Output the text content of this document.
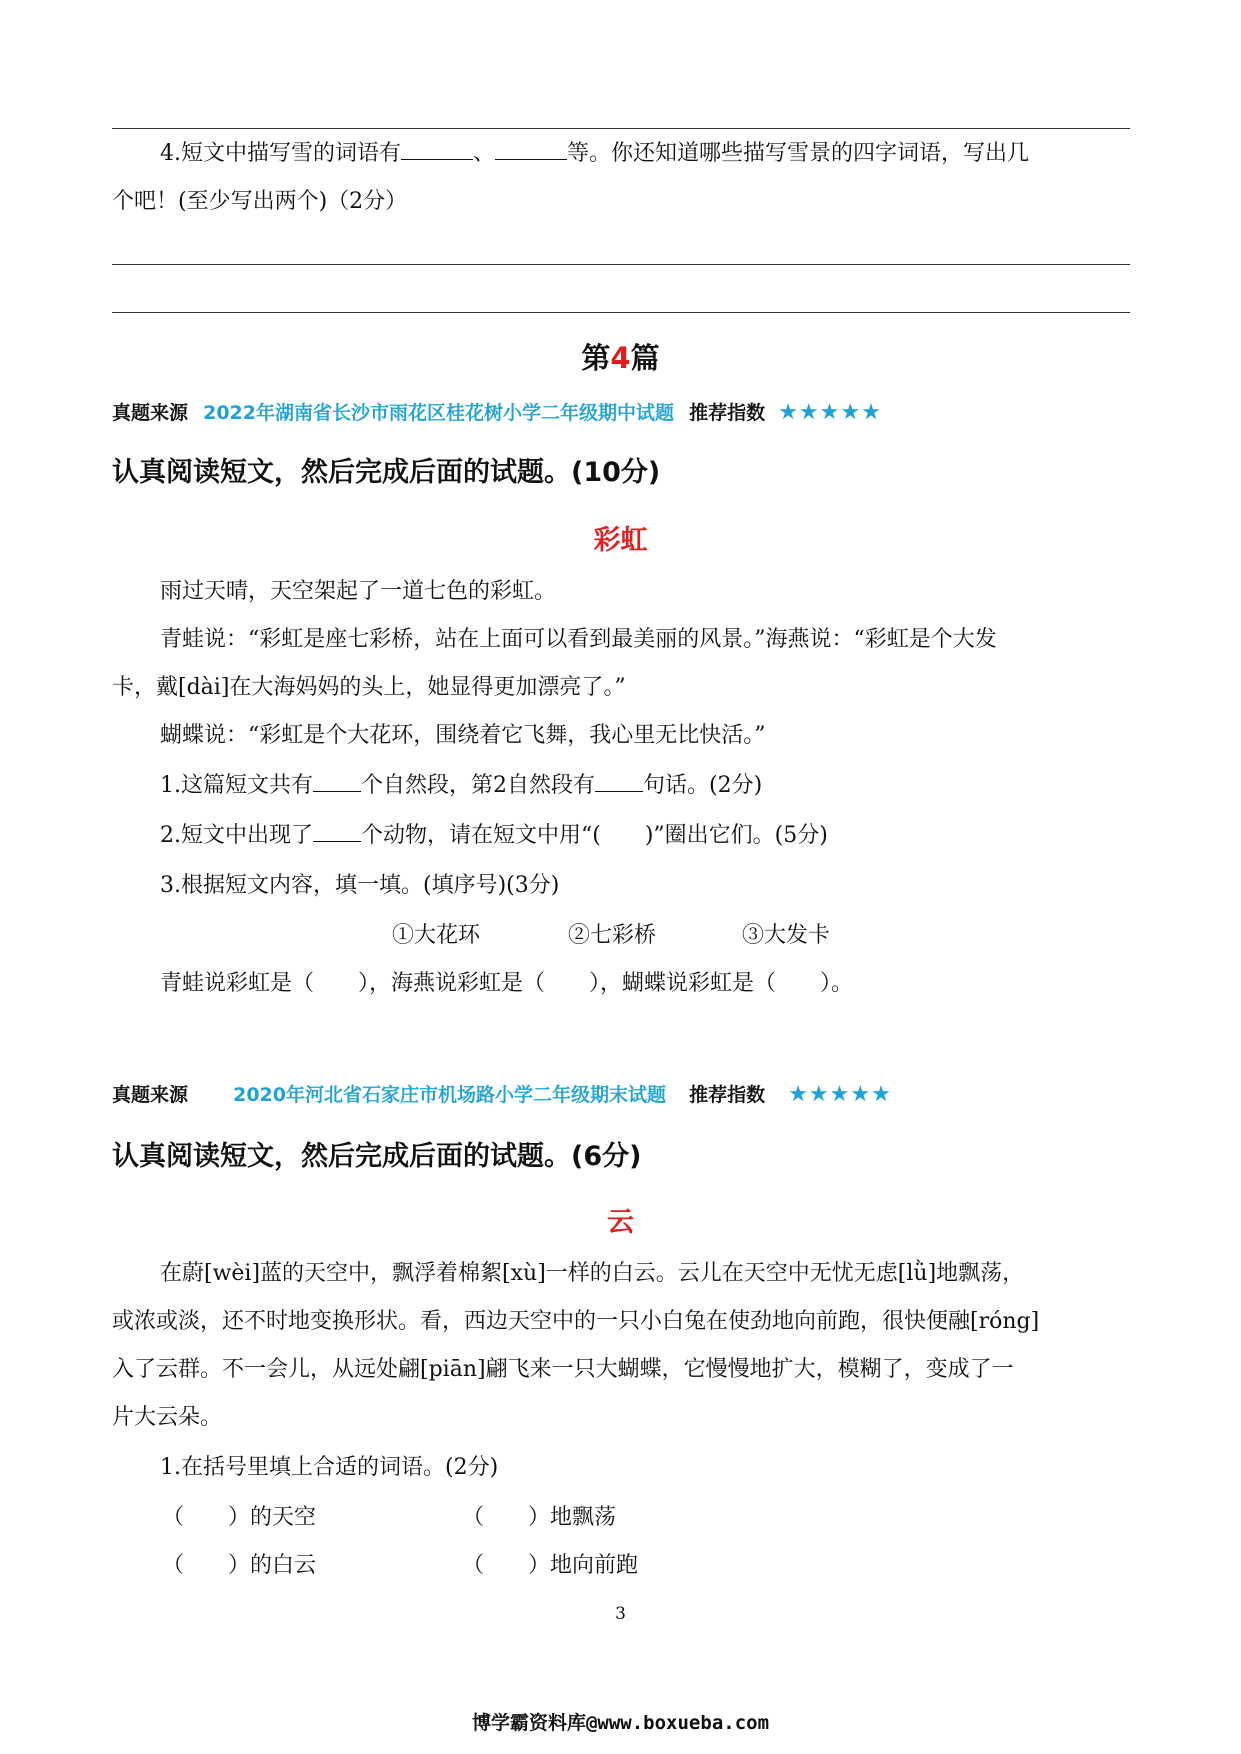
4.短文中描写雪的词语有	、	等。你还知道哪些描写雪景的四字词语，写出几
个吧！(至少写出两个)（2分）
第4篇
真题来源 2022年湖南省长沙市雨花区桂花树小学二年级期中试题 推荐指数 ★★★★★
认真阅读短文，然后完成后面的试题。(10分)
彩虹
雨过天晴，天空架起了一道七色的彩虹。
青蛙说：“彩虹是座七彩桥，站在上面可以看到最美丽的风景。”海燕说：“彩虹是个大发
卡，戴[dài]在大海妈妈的头上，她显得更加漂亮了。”
蝴蝶说：“彩虹是个大花环，围绕着它飞舞，我心里无比快活。”
1.这篇短文共有 个自然段，第2自然段有 句话。(2分)
2.短文中出现了 个动物，请在短文中用“(　　)”圈出它们。(5分)
3.根据短文内容，填一填。(填序号)(3分)
①大花环	②七彩桥	③大发卡
青蛙说彩虹是（　　），海燕说彩虹是（　　），蝴蝶说彩虹是（　　）。
真题来源 2020年河北省石家庄市机场路小学二年级期末试题 推荐指数 ★★★★★
认真阅读短文，然后完成后面的试题。(6分)
云
在蔚[wèi]蓝的天空中，飘浮着棉絮[xù]一样的白云。云儿在天空中无忧无虑[lǜ]地飘荡，
或浓或淡，还不时地变换形状。看，西边天空中的一只小白兔在使劲地向前跑，很快便融[róng]
入了云群。不一会儿，从远处翩[piān]翩飞来一只大蝴蝶，它慢慢地扩大，模糊了，变成了一
片大云朵。
1.在括号里填上合适的词语。(2分)
（　　）的天空	（　　）地飘荡
（　　）的白云	（　　）地向前跑
3
博学霸资料库@www.boxueba.com
